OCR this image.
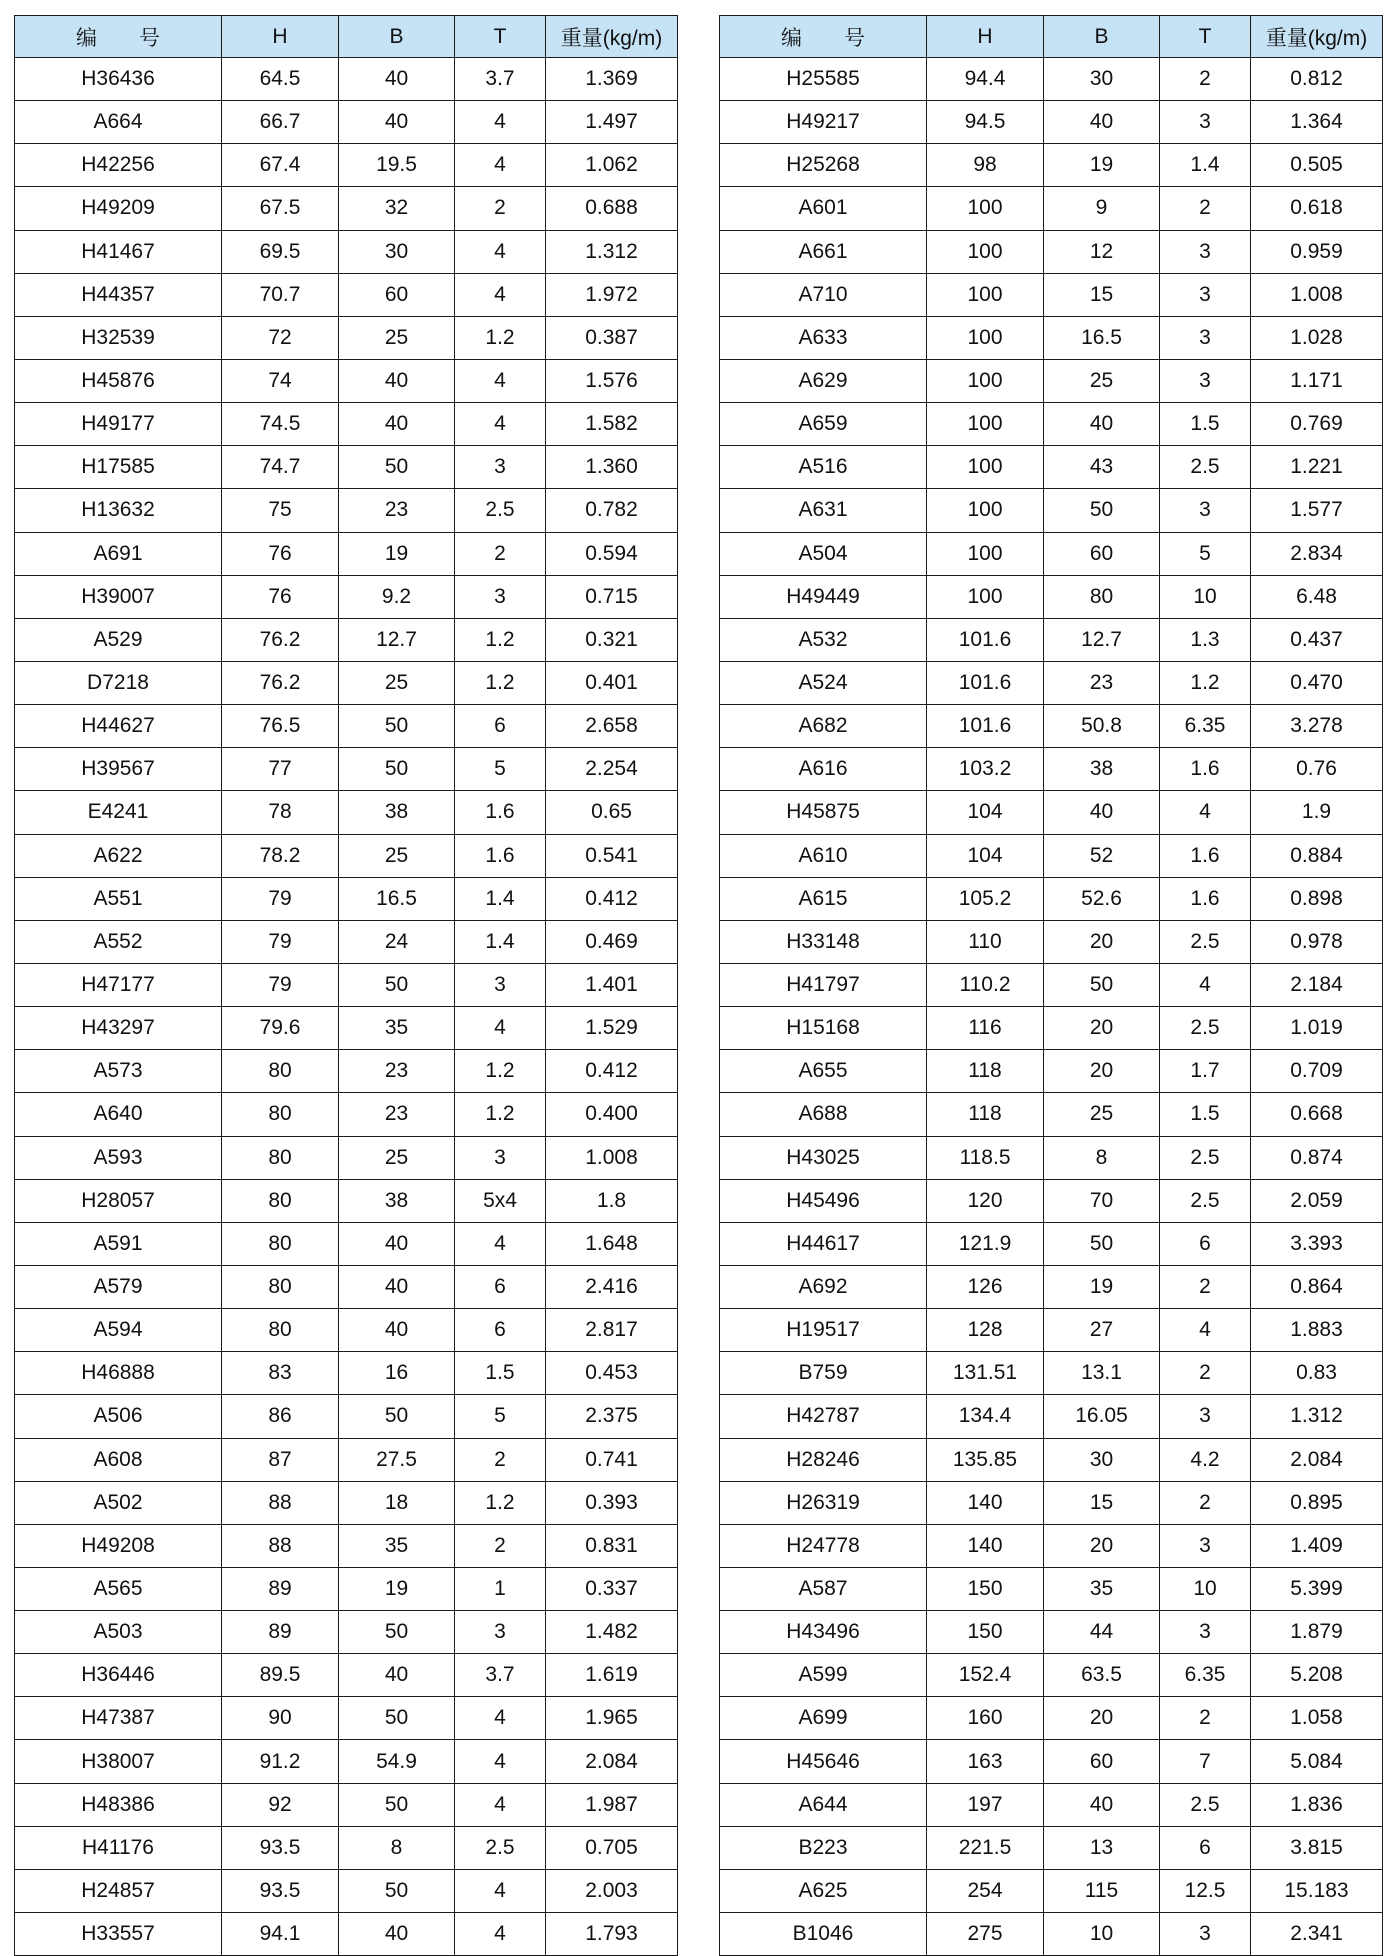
编　　号	H	B	T	重量(kg/m)
H36436	64.5	40	3.7	1.369
A664	66.7	40	4	1.497
H42256	67.4	19.5	4	1.062
H49209	67.5	32	2	0.688
H41467	69.5	30	4	1.312
H44357	70.7	60	4	1.972
H32539	72	25	1.2	0.387
H45876	74	40	4	1.576
H49177	74.5	40	4	1.582
H17585	74.7	50	3	1.360
H13632	75	23	2.5	0.782
A691	76	19	2	0.594
H39007	76	9.2	3	0.715
A529	76.2	12.7	1.2	0.321
D7218	76.2	25	1.2	0.401
H44627	76.5	50	6	2.658
H39567	77	50	5	2.254
E4241	78	38	1.6	0.65
A622	78.2	25	1.6	0.541
A551	79	16.5	1.4	0.412
A552	79	24	1.4	0.469
H47177	79	50	3	1.401
H43297	79.6	35	4	1.529
A573	80	23	1.2	0.412
A640	80	23	1.2	0.400
A593	80	25	3	1.008
H28057	80	38	5x4	1.8
A591	80	40	4	1.648
A579	80	40	6	2.416
A594	80	40	6	2.817
H46888	83	16	1.5	0.453
A506	86	50	5	2.375
A608	87	27.5	2	0.741
A502	88	18	1.2	0.393
H49208	88	35	2	0.831
A565	89	19	1	0.337
A503	89	50	3	1.482
H36446	89.5	40	3.7	1.619
H47387	90	50	4	1.965
H38007	91.2	54.9	4	2.084
H48386	92	50	4	1.987
H41176	93.5	8	2.5	0.705
H24857	93.5	50	4	2.003
H33557	94.1	40	4	1.793
编　　号	H	B	T	重量(kg/m)
H25585	94.4	30	2	0.812
H49217	94.5	40	3	1.364
H25268	98	19	1.4	0.505
A601	100	9	2	0.618
A661	100	12	3	0.959
A710	100	15	3	1.008
A633	100	16.5	3	1.028
A629	100	25	3	1.171
A659	100	40	1.5	0.769
A516	100	43	2.5	1.221
A631	100	50	3	1.577
A504	100	60	5	2.834
H49449	100	80	10	6.48
A532	101.6	12.7	1.3	0.437
A524	101.6	23	1.2	0.470
A682	101.6	50.8	6.35	3.278
A616	103.2	38	1.6	0.76
H45875	104	40	4	1.9
A610	104	52	1.6	0.884
A615	105.2	52.6	1.6	0.898
H33148	110	20	2.5	0.978
H41797	110.2	50	4	2.184
H15168	116	20	2.5	1.019
A655	118	20	1.7	0.709
A688	118	25	1.5	0.668
H43025	118.5	8	2.5	0.874
H45496	120	70	2.5	2.059
H44617	121.9	50	6	3.393
A692	126	19	2	0.864
H19517	128	27	4	1.883
B759	131.51	13.1	2	0.83
H42787	134.4	16.05	3	1.312
H28246	135.85	30	4.2	2.084
H26319	140	15	2	0.895
H24778	140	20	3	1.409
A587	150	35	10	5.399
H43496	150	44	3	1.879
A599	152.4	63.5	6.35	5.208
A699	160	20	2	1.058
H45646	163	60	7	5.084
A644	197	40	2.5	1.836
B223	221.5	13	6	3.815
A625	254	115	12.5	15.183
B1046	275	10	3	2.341
